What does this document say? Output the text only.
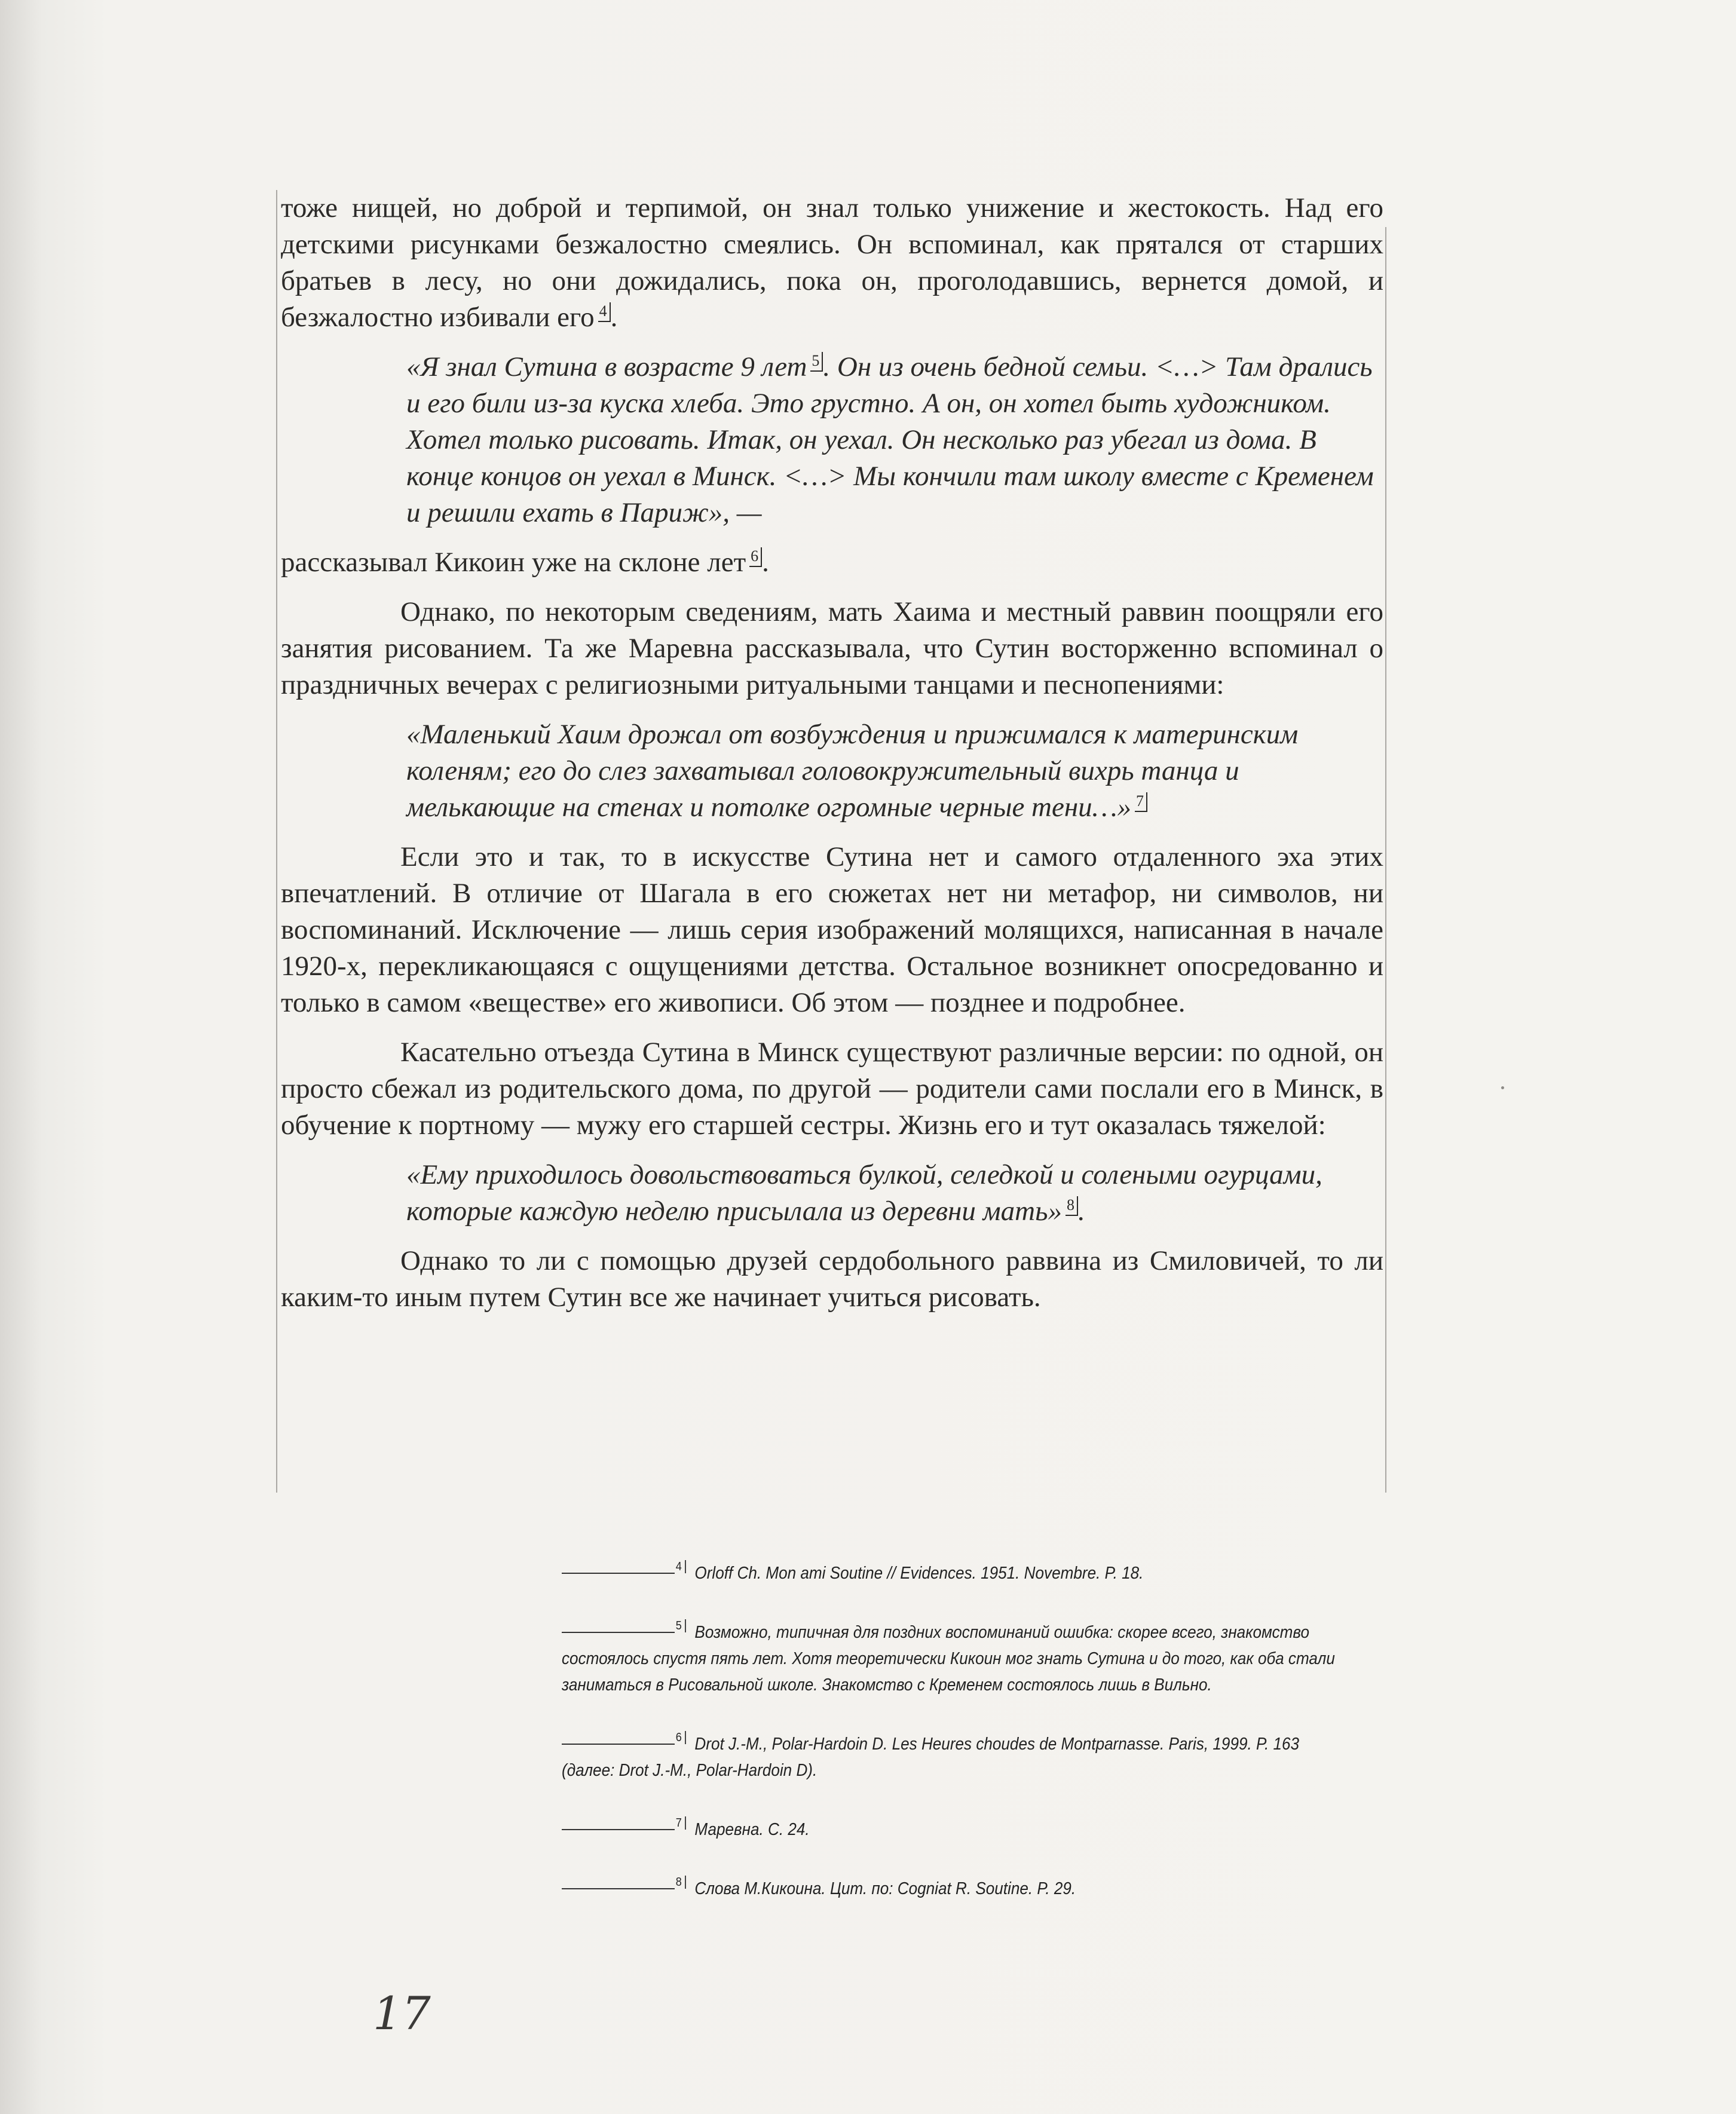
тоже нищей, но доброй и терпимой, он знал только унижение и жестокость. Над его детскими рисунками безжалостно смеялись. Он вспоминал, как прятался от старших братьев в лесу, но они дожидались, пока он, проголодавшись, вернется домой, и безжалостно избивали его $^4$ .

«Я знал Сутина в возрасте 9 лет $^5$ . Он из очень бедной семьи. <…> Там дрались и его били из-за куска хлеба. Это грустно. А он, он хотел быть художником. Хотел только рисовать. Итак, он уехал. Он несколько раз убегал из дома. В конце концов он уехал в Минск. <…> Мы кончили там школу вместе с Кременем и решили ехать в Париж», —

рассказывал Кикоин уже на склоне лет $^6$ .

Однако, по некоторым сведениям, мать Хаима и местный раввин поощряли его занятия рисованием. Та же Маревна рассказывала, что Сутин восторженно вспоминал о праздничных вечерах с религиозными ритуальными танцами и песнопениями:

«Маленький Хаим дрожал от возбуждения и прижимался к материнским коленям; его до слез захватывал головокружительный вихрь танца и мелькающие на стенах и потолке огромные черные тени…» $^7$

Если это и так, то в искусстве Сутина нет и самого отдаленного эха этих впечатлений. В отличие от Шагала в его сюжетах нет ни метафор, ни символов, ни воспоминаний. Исключение — лишь серия изображений молящихся, написанная в начале 1920-х, перекликающаяся с ощущениями детства. Остальное возникнет опосредованно и только в самом «веществе» его живописи. Об этом — позднее и подробнее.

Касательно отъезда Сутина в Минск существуют различные версии: по одной, он просто сбежал из родительского дома, по другой — родители сами послали его в Минск, в обучение к портному — мужу его старшей сестры. Жизнь его и тут оказалась тяжелой:

«Ему приходилось довольствоваться булкой, селедкой и солеными огурцами, которые каждую неделю присылала из деревни мать» $^8$ .

Однако то ли с помощью друзей сердобольного раввина из Смиловичей, то ли каким-то иным путем Сутин все же начинает учиться рисовать.

$^4$ Orloff Ch. Mon ami Soutine // Evidences. 1951. Novembre. P. 18.
$^5$ Возможно, типичная для поздних воспоминаний ошибка: скорее всего, знакомство состоялось спустя пять лет. Хотя теоретически Кикоин мог знать Сутина и до того, как оба стали заниматься в Рисовальной школе. Знакомство с Кременем состоялось лишь в Вильно.
$^6$ Drot J.-M., Polar-Hardoin D. Les Heures choudes de Montparnasse. Paris, 1999. P. 163 (далее: Drot J.-M., Polar-Hardoin D).
$^7$ Маревна. С. 24.
$^8$ Слова М.Кикоина. Цит. по: Cogniat R. Soutine. P. 29.
17
